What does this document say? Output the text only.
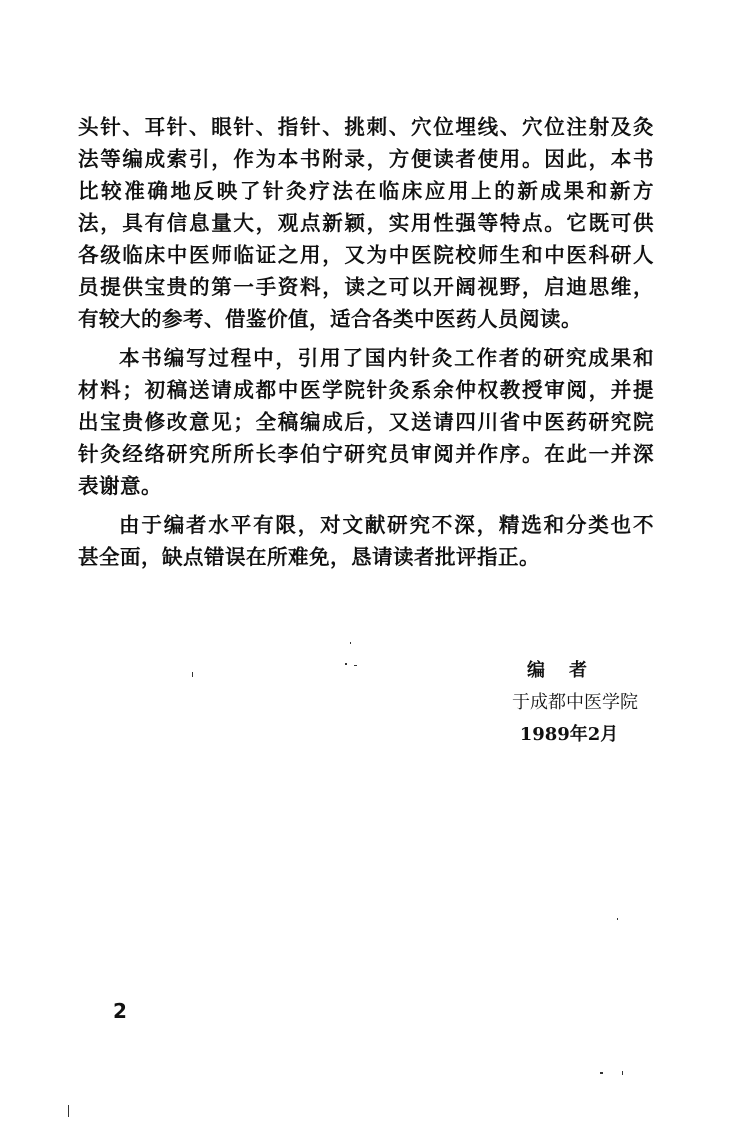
头针、耳针、眼针、指针、挑刺、穴位埋线、穴位注射及灸
法等编成索引，作为本书附录，方便读者使用。因此，本书
比较准确地反映了针灸疗法在临床应用上的新成果和新方
法，具有信息量大，观点新颖，实用性强等特点。它既可供
各级临床中医师临证之用，又为中医院校师生和中医科研人
员提供宝贵的第一手资料，读之可以开阔视野，启迪思维，
有较大的参考、借鉴价值，适合各类中医药人员阅读。
本书编写过程中，引用了国内针灸工作者的研究成果和
材料；初稿送请成都中医学院针灸系余仲权教授审阅，并提
出宝贵修改意见；全稿编成后，又送请四川省中医药研究院
针灸经络研究所所长李伯宁研究员审阅并作序。在此一并深
表谢意。
由于编者水平有限，对文献研究不深，精选和分类也不
甚全面，缺点错误在所难免，恳请读者批评指正。
编者
于成都中医学院
1989年2月
2
